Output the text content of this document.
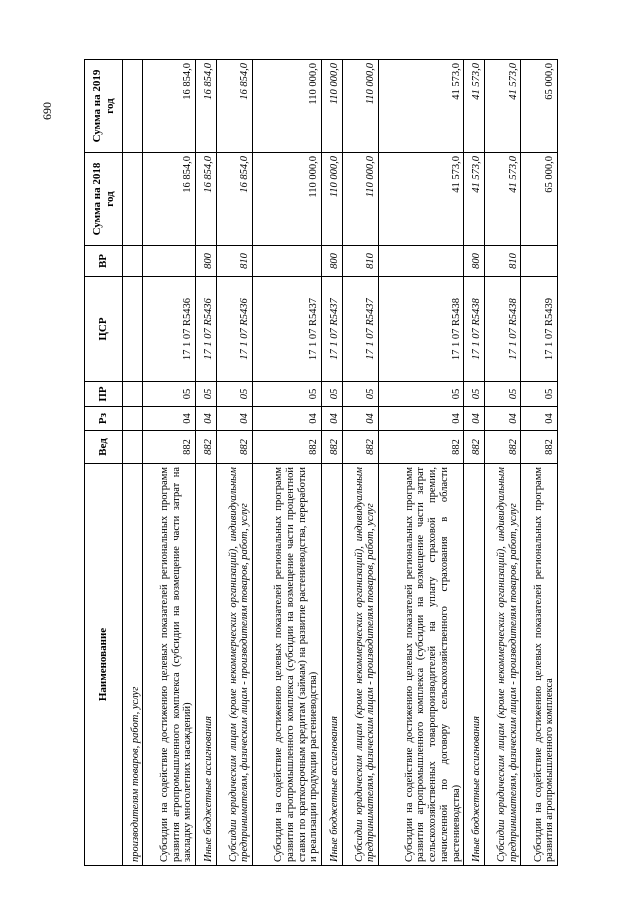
690
Наименование	Вед	Рз	ПР	ЦСР	ВР	Сумма на 2018 год	Сумма на 2019 год
производителям товаров, работ, услуг							
Субсидии на содействие достижению целевых показателей региональных программ развития агропромышленного комплекса (субсидии на возмещение части затрат на закладку многолетних насаждений)	882	04	05	17 1 07 R5436		16 854,0	16 854,0
Иные бюджетные ассигнования	882	04	05	17 1 07 R5436	800	16 854,0	16 854,0
Субсидии юридическим лицам (кроме некоммерческих организаций), индивидуальным предпринимателям, физическим лицам - производителям товаров, работ, услуг	882	04	05	17 1 07 R5436	810	16 854,0	16 854,0
Субсидии на содействие достижению целевых показателей региональных программ развития агропромышленного комплекса (субсидии на возмещение части процентной ставки по краткосрочным кредитам (займам) на развитие растениеводства, переработки и реализации продукции растениеводства)	882	04	05	17 1 07 R5437		110 000,0	110 000,0
Иные бюджетные ассигнования	882	04	05	17 1 07 R5437	800	110 000,0	110 000,0
Субсидии юридическим лицам (кроме некоммерческих организаций), индивидуальным предпринимателям, физическим лицам - производителям товаров, работ, услуг	882	04	05	17 1 07 R5437	810	110 000,0	110 000,0
Субсидии на содействие достижению целевых показателей региональных программ развития агропромышленного комплекса (субсидии на возмещение части затрат сельскохозяйственных товаропроизводителей на уплату страховой премии, начисленной по договору сельскохозяйственного страхования в области растениеводства)	882	04	05	17 1 07 R5438		41 573,0	41 573,0
Иные бюджетные ассигнования	882	04	05	17 1 07 R5438	800	41 573,0	41 573,0
Субсидии юридическим лицам (кроме некоммерческих организаций), индивидуальным предпринимателям, физическим лицам - производителям товаров, работ, услуг	882	04	05	17 1 07 R5438	810	41 573,0	41 573,0
Субсидии на содействие достижению целевых показателей региональных программ развития агропромышленного комплекса	882	04	05	17 1 07 R5439		65 000,0	65 000,0
